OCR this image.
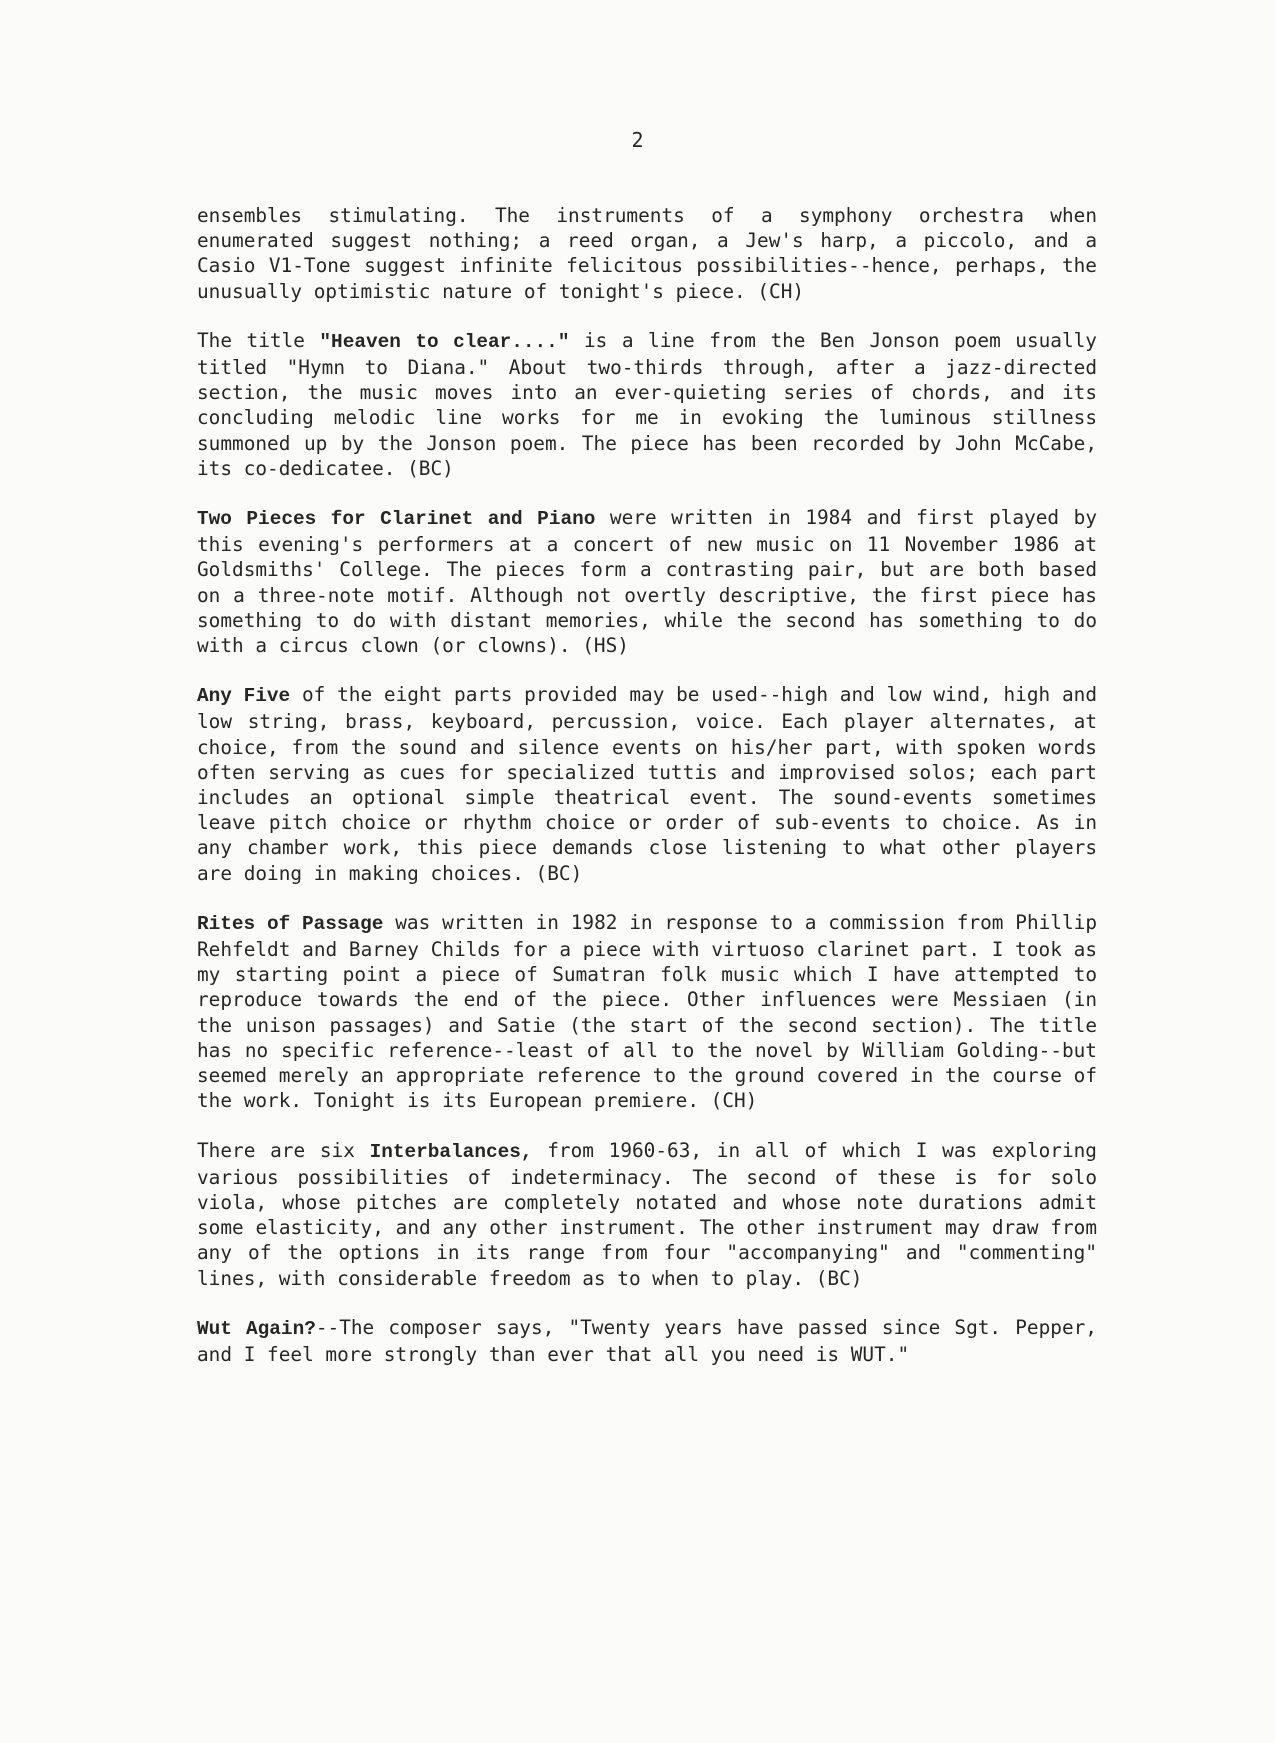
2

ensembles stimulating. The instruments of a symphony orchestra when enumerated suggest nothing; a reed organ, a Jew's harp, a piccolo, and a Casio V1-Tone suggest infinite felicitous possibilities--hence, perhaps, the unusually optimistic nature of tonight's piece. (CH)

The title "Heaven to clear...." is a line from the Ben Jonson poem usually titled "Hymn to Diana." About two-thirds through, after a jazz-directed section, the music moves into an ever-quieting series of chords, and its concluding melodic line works for me in evoking the luminous stillness summoned up by the Jonson poem. The piece has been recorded by John McCabe, its co-dedicatee. (BC)

Two Pieces for Clarinet and Piano were written in 1984 and first played by this evening's performers at a concert of new music on 11 November 1986 at Goldsmiths' College. The pieces form a contrasting pair, but are both based on a three-note motif. Although not overtly descriptive, the first piece has something to do with distant memories, while the second has something to do with a circus clown (or clowns). (HS)

Any Five of the eight parts provided may be used--high and low wind, high and low string, brass, keyboard, percussion, voice. Each player alternates, at choice, from the sound and silence events on his/her part, with spoken words often serving as cues for specialized tuttis and improvised solos; each part includes an optional simple theatrical event. The sound-events sometimes leave pitch choice or rhythm choice or order of sub-events to choice. As in any chamber work, this piece demands close listening to what other players are doing in making choices. (BC)

Rites of Passage was written in 1982 in response to a commission from Phillip Rehfeldt and Barney Childs for a piece with virtuoso clarinet part. I took as my starting point a piece of Sumatran folk music which I have attempted to reproduce towards the end of the piece. Other influences were Messiaen (in the unison passages) and Satie (the start of the second section). The title has no specific reference--least of all to the novel by William Golding--but seemed merely an appropriate reference to the ground covered in the course of the work. Tonight is its European premiere. (CH)

There are six Interbalances, from 1960-63, in all of which I was exploring various possibilities of indeterminacy. The second of these is for solo viola, whose pitches are completely notated and whose note durations admit some elasticity, and any other instrument. The other instrument may draw from any of the options in its range from four "accompanying" and "commenting" lines, with considerable freedom as to when to play. (BC)

Wut Again?--The composer says, "Twenty years have passed since Sgt. Pepper, and I feel more strongly than ever that all you need is WUT."
